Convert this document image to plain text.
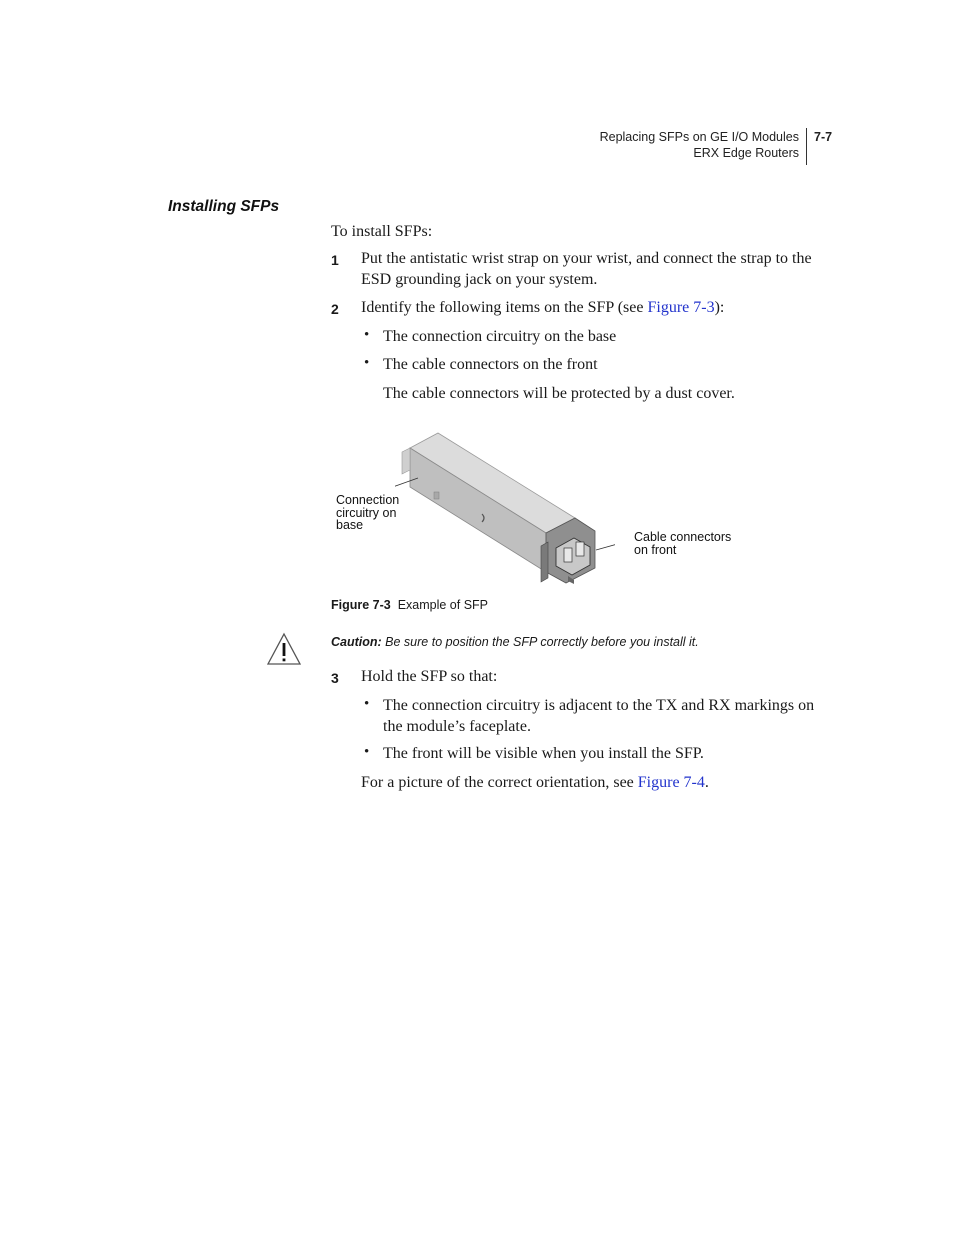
Replacing SFPs on GE I/O Modules
ERX Edge Routers
7-7
Installing SFPs
To install SFPs:
1 Put the antistatic wrist strap on your wrist, and connect the strap to the ESD grounding jack on your system.
2 Identify the following items on the SFP (see Figure 7-3):
• The connection circuitry on the base
• The cable connectors on the front
The cable connectors will be protected by a dust cover.
Connection
circuitry on
base
Cable connectors
on front
Figure 7-3 Example of SFP
Caution: Be sure to position the SFP correctly before you install it.
3 Hold the SFP so that:
• The connection circuitry is adjacent to the TX and RX markings on the module’s faceplate.
• The front will be visible when you install the SFP.
For a picture of the correct orientation, see Figure 7-4.
